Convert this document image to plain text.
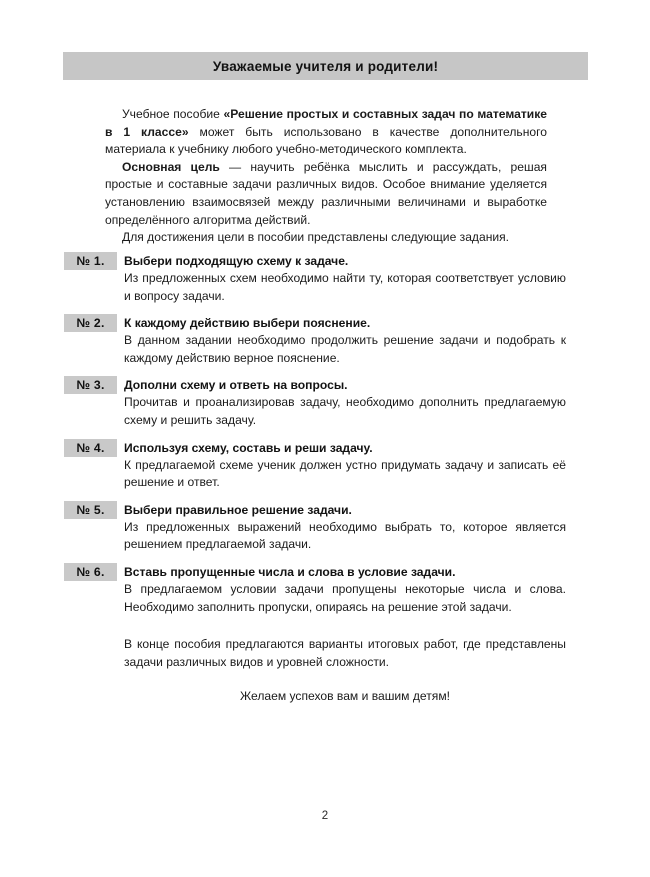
Уважаемые учителя и родители!

Учебное пособие «Решение простых и составных задач по математике в 1 классе» может быть использовано в качестве дополнительного материала к учебнику любого учебно-методического комплекта.

Основная цель — научить ребёнка мыслить и рассуждать, решая простые и составные задачи различных видов. Особое внимание уделяется установлению взаимосвязей между различными величинами и выработке определённого алгоритма действий.

Для достижения цели в пособии представлены следующие задания.

№ 1.	Выбери подходящую схему к задаче.

Из предложенных схем необходимо найти ту, которая соответствует условию и вопросу задачи.

№ 2.	К каждому действию выбери пояснение.

В данном задании необходимо продолжить решение задачи и подобрать к каждому действию верное пояснение.

№ 3.	Дополни схему и ответь на вопросы.

Прочитав и проанализировав задачу, необходимо дополнить предлагаемую схему и решить задачу.

№ 4.	Используя схему, составь и реши задачу.

К предлагаемой схеме ученик должен устно придумать задачу и записать её решение и ответ.

№ 5.	Выбери правильное решение задачи.

Из предложенных выражений необходимо выбрать то, которое является решением предлагаемой задачи.

№ 6.	Вставь пропущенные числа и слова в условие задачи.

В предлагаемом условии задачи пропущены некоторые числа и слова. Необходимо заполнить пропуски, опираясь на решение этой задачи.

В конце пособия предлагаются варианты итоговых работ, где представлены задачи различных видов и уровней сложности.

Желаем успехов вам и вашим детям!

2
